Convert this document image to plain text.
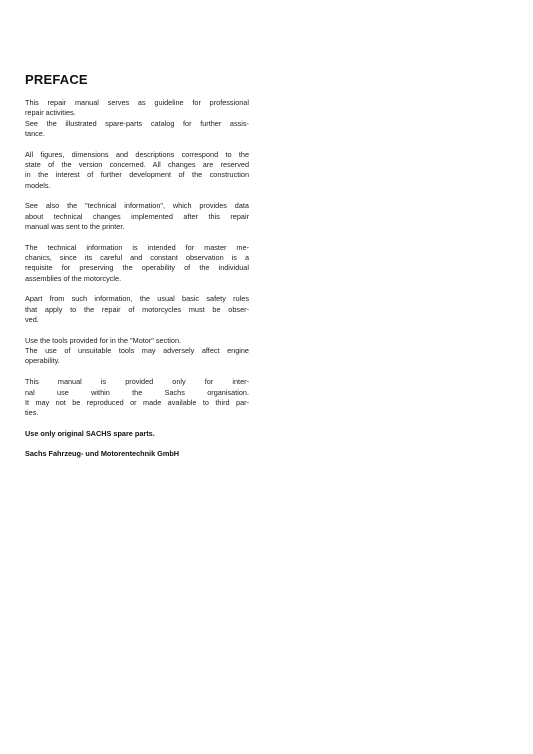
PREFACE
This repair manual serves as guideline for professional
repair activities.
See the illustrated spare-parts catalog for further assis-
tance.
All figures, dimensions and descriptions correspond to the
state of the version concerned. All changes are reserved
in the interest of further development of the construction
models.
See also the "technical information", which provides data
about technical changes implemented after this repair
manual was sent to the printer.
The technical information is intended for master me-
chanics, since its careful and constant observation is a
requisite for preserving the operability of the individual
assemblies of the motorcycle.
Apart from such information, the usual basic safety rules
that apply to the repair of motorcycles must be obser-
ved.
Use the tools provided for in the "Motor" section.
The use of unsuitable tools may adversely affect engine
operability.
This manual is provided only for inter-
nal use within the Sachs organisation.
It may not be reproduced or made available to third par-
ties.
Use only original SACHS spare parts.
Sachs Fahrzeug- und Motorentechnik GmbH
